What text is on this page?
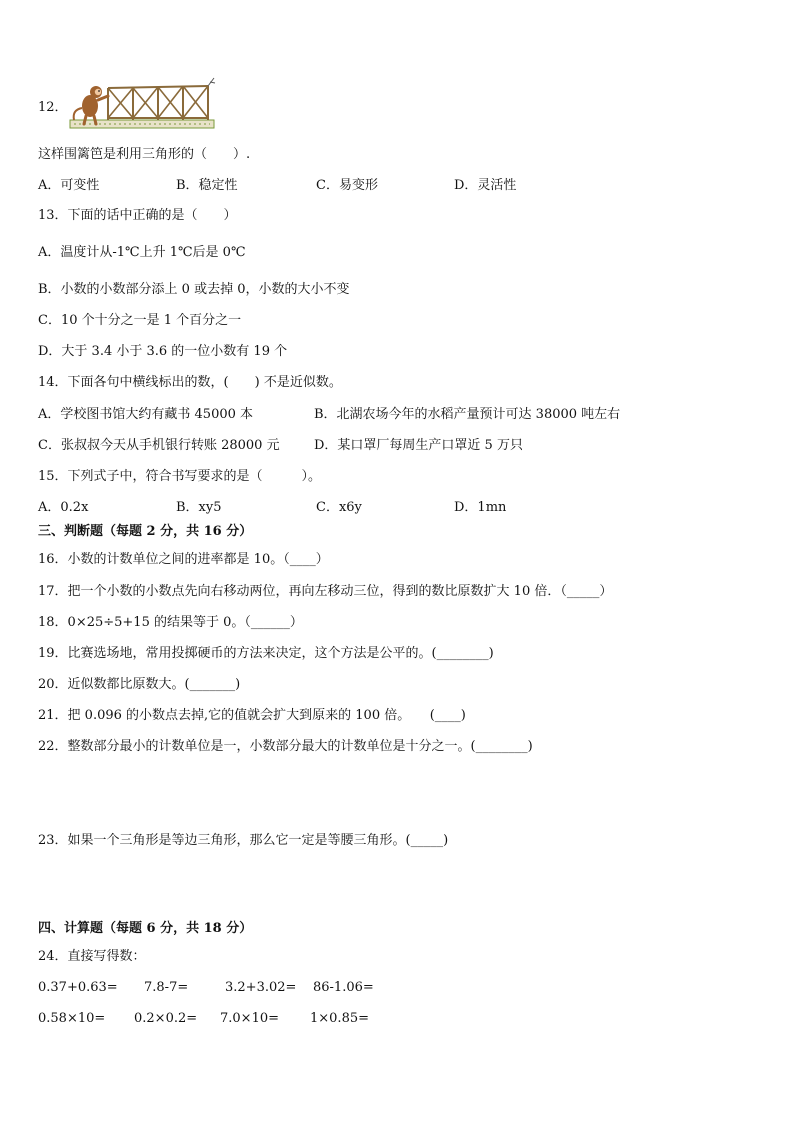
12．
这样围篱笆是利用三角形的（　　）.
A．可变性	B．稳定性	C．易变形	D．灵活性
13．下面的话中正确的是（　　）
A．温度计从-1℃上升 1℃后是 0℃
B．小数的小数部分添上 0 或去掉 0，小数的大小不变
C．10 个十分之一是 1 个百分之一
D．大于 3.4 小于 3.6 的一位小数有 19 个
14．下面各句中横线标出的数，(　　) 不是近似数。
A．学校图书馆大约有藏书 45000 本	B．北湖农场今年的水稻产量预计可达 38000 吨左右
C．张叔叔今天从手机银行转账 28000 元	D．某口罩厂每周生产口罩近 5 万只
15．下列式子中，符合书写要求的是（　　　）。
A．0.2x	B．xy5	C．x6y	D．1mn
三、判断题（每题 2 分，共 16 分）
16．小数的计数单位之间的进率都是 10。（____）
17．把一个小数的小数点先向右移动两位，再向左移动三位，得到的数比原数扩大 10 倍．（_____）
18．0×25÷5+15 的结果等于 0。（______）
19．比赛选场地，常用投掷硬币的方法来决定，这个方法是公平的。(________)
20．近似数都比原数大。(_______)
21．把 0.096 的小数点去掉,它的值就会扩大到原来的 100 倍。　　(____)
22．整数部分最小的计数单位是一，小数部分最大的计数单位是十分之一。(________)
23．如果一个三角形是等边三角形，那么它一定是等腰三角形。(_____)
四、计算题（每题 6 分，共 18 分）
24．直接写得数：
0.37+0.63= 7.8-7=	3.2+3.02= 86-1.06=
0.58×10= 0.2×0.2= 7.0×10= 1×0.85=
